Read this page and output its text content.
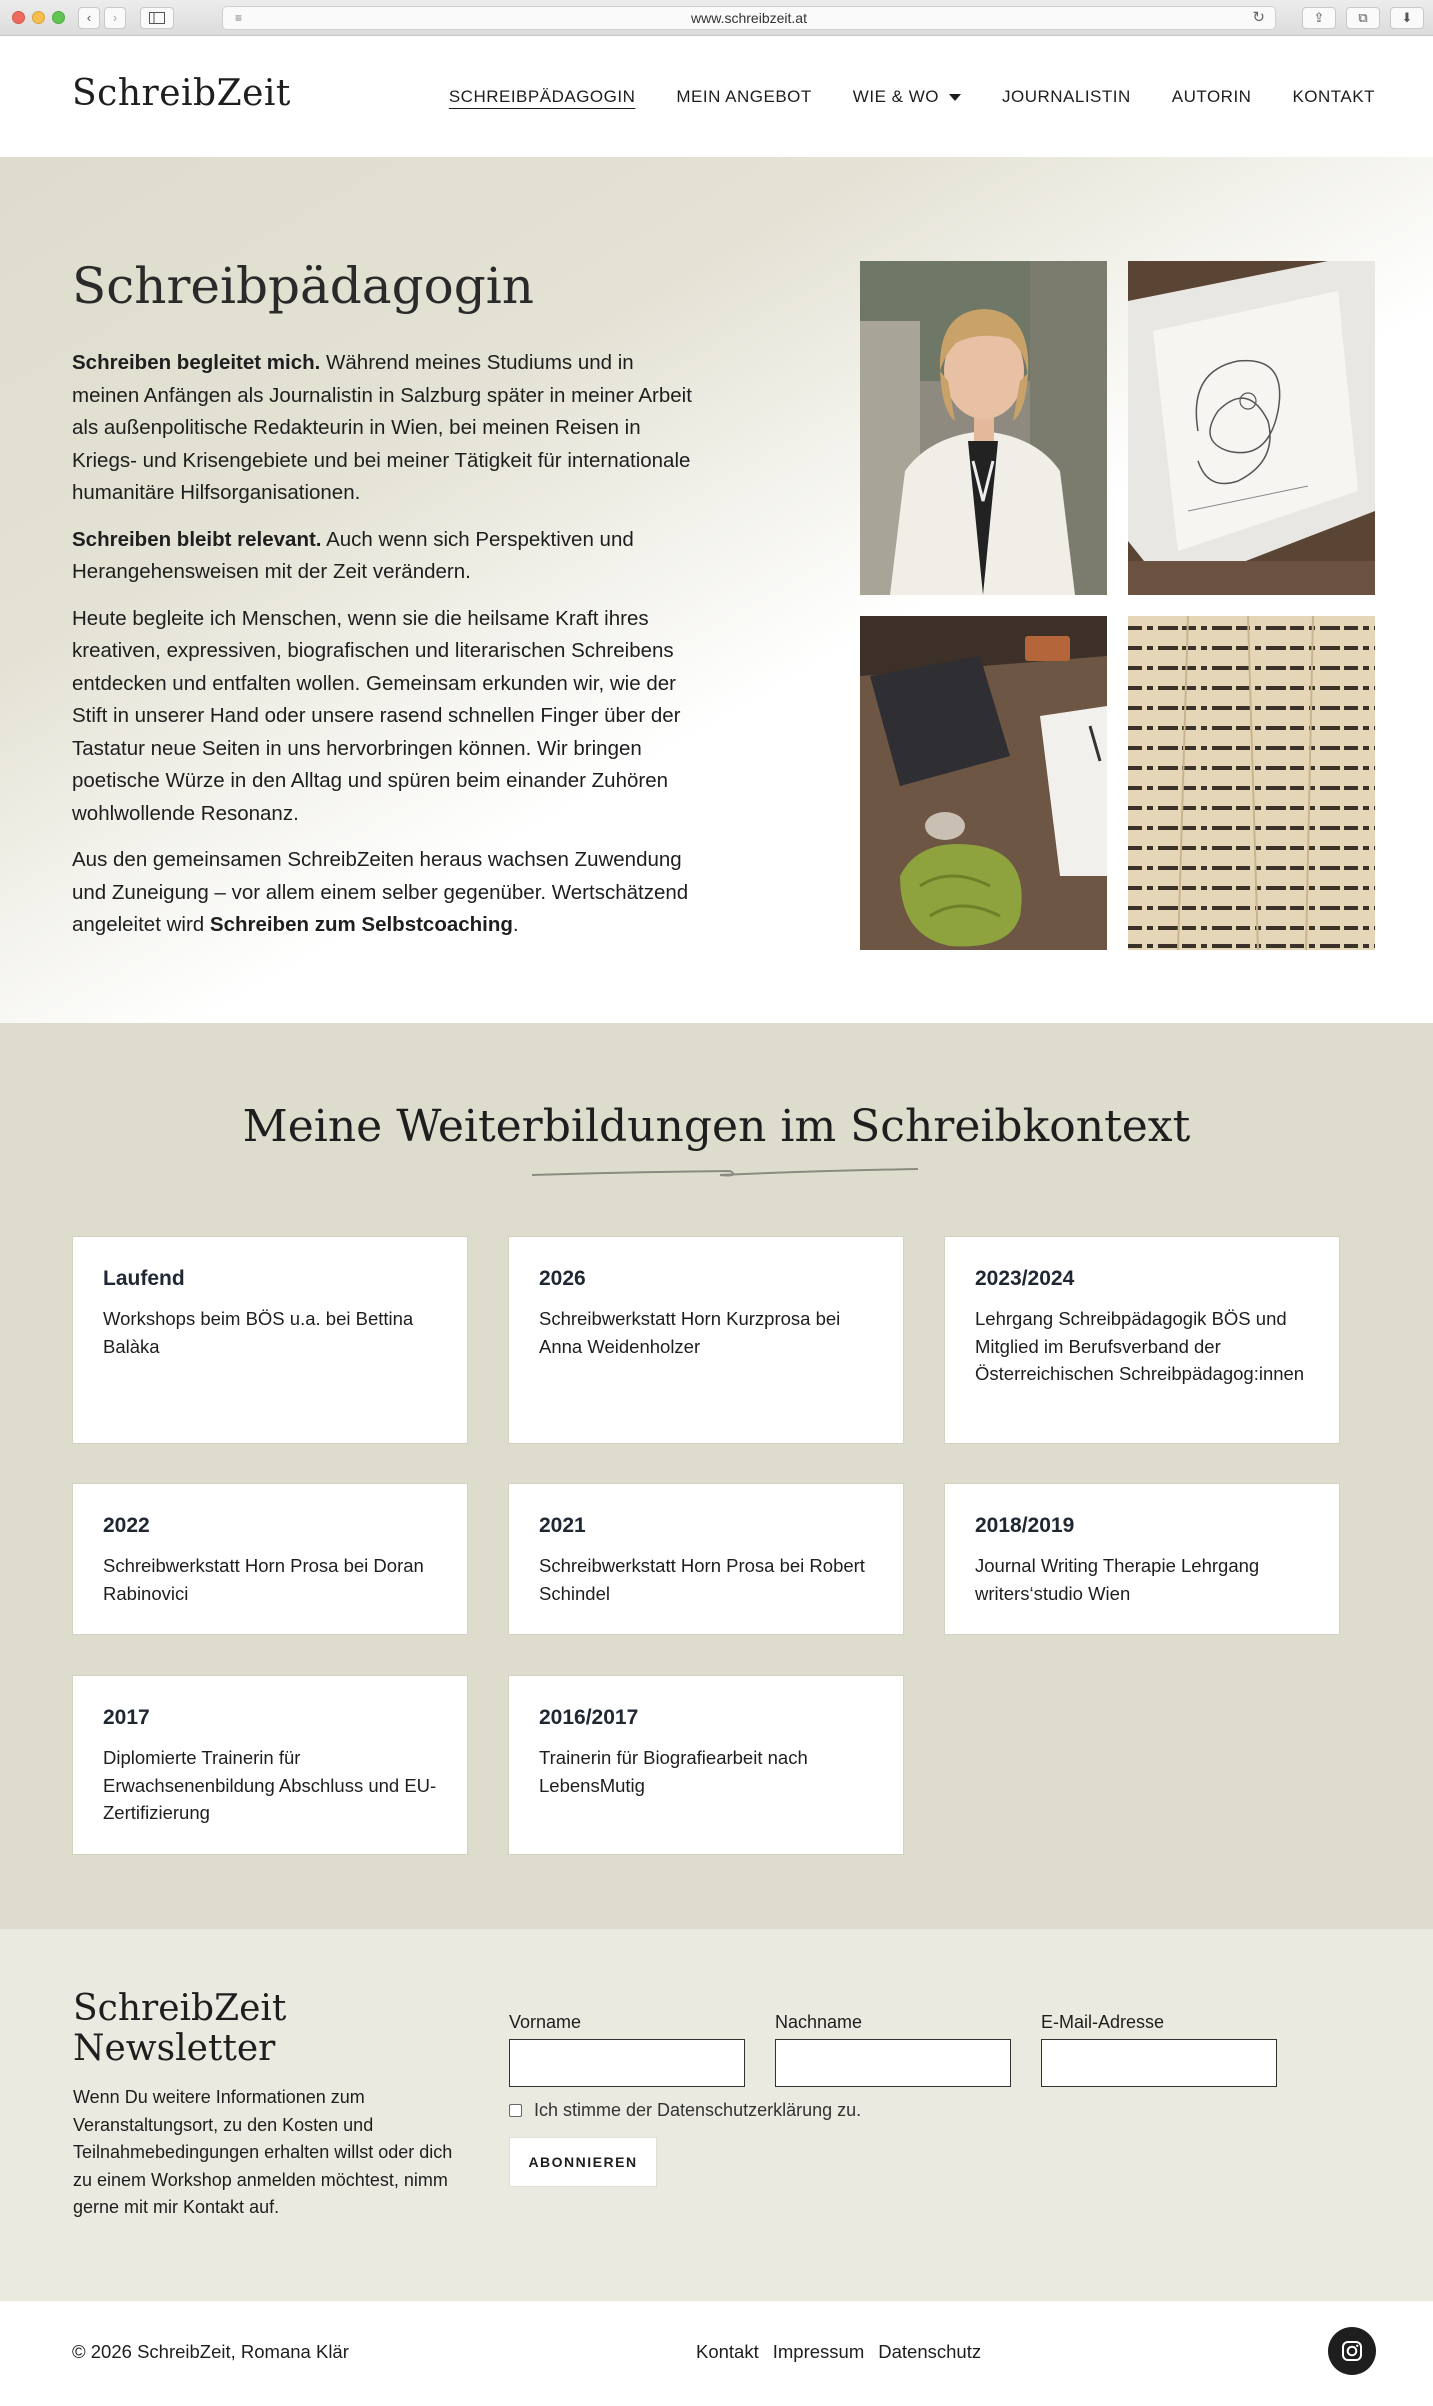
‹	›	≡	www.schreibzeit.at	↻	⇪	⧉	⬇
SchreibZeit	SCHREIBPÄDAGOGIN MEIN ANGEBOT WIE & WO	JOURNALISTIN AUTORIN KONTAKT
Schreibpädagogin

Schreiben begleitet mich. Während meines Studiums und in meinen Anfängen als Journalistin in Salzburg später in meiner Arbeit als außenpolitische Redakteurin in Wien, bei meinen Reisen in Kriegs- und Krisengebiete und bei meiner Tätigkeit für internationale humanitäre Hilfsorganisationen.

Schreiben bleibt relevant. Auch wenn sich Perspektiven und Herangehensweisen mit der Zeit verändern.

Heute begleite ich Menschen, wenn sie die heilsame Kraft ihres kreativen, expressiven, biografischen und literarischen Schreibens entdecken und entfalten wollen. Gemeinsam erkunden wir, wie der Stift in unserer Hand oder unsere rasend schnellen Finger über der Tastatur neue Seiten in uns hervorbringen können. Wir bringen poetische Würze in den Alltag und spüren beim einander Zuhören wohlwollende Resonanz.

Aus den gemeinsamen SchreibZeiten heraus wachsen Zuwendung und Zuneigung – vor allem einem selber gegenüber. Wertschätzend angeleitet wird Schreiben zum Selbstcoaching.

Meine Weiterbildungen im Schreibkontext
Laufend
Workshops beim BÖS u.a. bei Bettina Balàka
2026
Schreibwerkstatt Horn Kurzprosa bei Anna Weidenholzer
2023/2024
Lehrgang Schreibpädagogik BÖS und Mitglied im Berufsverband der Österreichischen Schreibpädagog:innen
2022
Schreibwerkstatt Horn Prosa bei Doran Rabinovici
2021
Schreibwerkstatt Horn Prosa bei Robert Schindel
2018/2019
Journal Writing Therapie Lehrgang writers‘studio Wien
2017
Diplomierte Trainerin für Erwachsenenbildung Abschluss und EU-Zertifizierung
2016/2017
Trainerin für Biografiearbeit nach LebensMutig
SchreibZeit Newsletter
Wenn Du weitere Informationen zum Veranstaltungsort, zu den Kosten und Teilnahmebedingungen erhalten willst oder dich zu einem Workshop anmelden möchtest, nimm gerne mit mir Kontakt auf.
Vorname	Nachname	E-Mail-Adresse
Ich stimme der Datenschutzerklärung zu.
ABONNIEREN
© 2026 SchreibZeit, Romana Klär	Kontakt Impressum Datenschutz
